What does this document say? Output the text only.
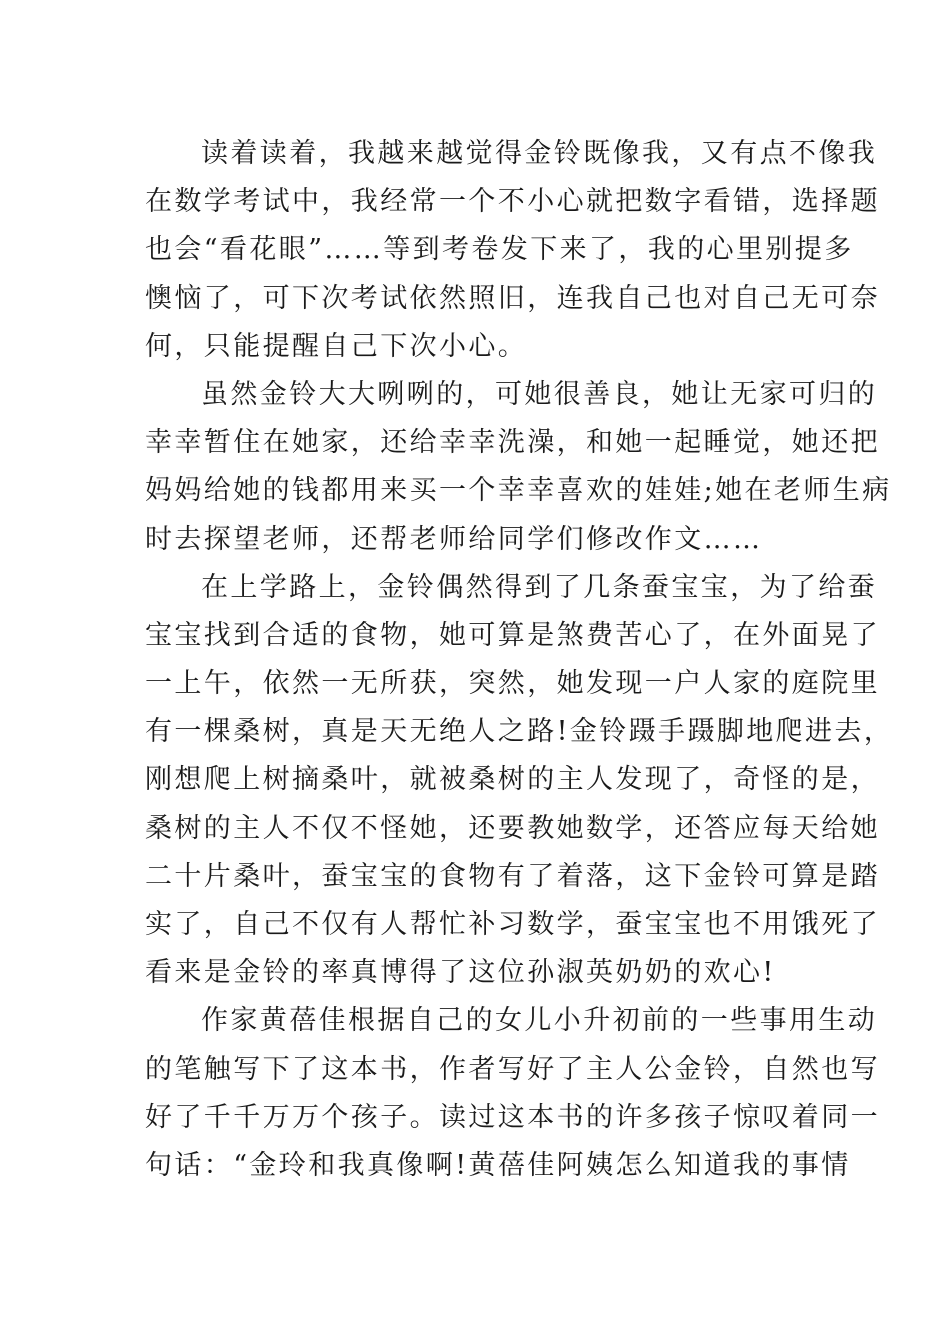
读着读着，我越来越觉得金铃既像我，又有点不像我
在数学考试中，我经常一个不小心就把数字看错，选择题
也会“看花眼”……等到考卷发下来了，我的心里别提多
懊恼了，可下次考试依然照旧，连我自己也对自己无可奈
何，只能提醒自己下次小心。
虽然金铃大大咧咧的，可她很善良，她让无家可归的
幸幸暂住在她家，还给幸幸洗澡，和她一起睡觉，她还把
妈妈给她的钱都用来买一个幸幸喜欢的娃娃;她在老师生病
时去探望老师，还帮老师给同学们修改作文……
在上学路上，金铃偶然得到了几条蚕宝宝，为了给蚕
宝宝找到合适的食物，她可算是煞费苦心了，在外面晃了
一上午，依然一无所获，突然，她发现一户人家的庭院里
有一棵桑树，真是天无绝人之路!金铃蹑手蹑脚地爬进去，
刚想爬上树摘桑叶，就被桑树的主人发现了，奇怪的是，
桑树的主人不仅不怪她，还要教她数学，还答应每天给她
二十片桑叶，蚕宝宝的食物有了着落，这下金铃可算是踏
实了，自己不仅有人帮忙补习数学，蚕宝宝也不用饿死了
看来是金铃的率真博得了这位孙淑英奶奶的欢心!
作家黄蓓佳根据自己的女儿小升初前的一些事用生动
的笔触写下了这本书，作者写好了主人公金铃，自然也写
好了千千万万个孩子。读过这本书的许多孩子惊叹着同一
句话：“金玲和我真像啊!黄蓓佳阿姨怎么知道我的事情
